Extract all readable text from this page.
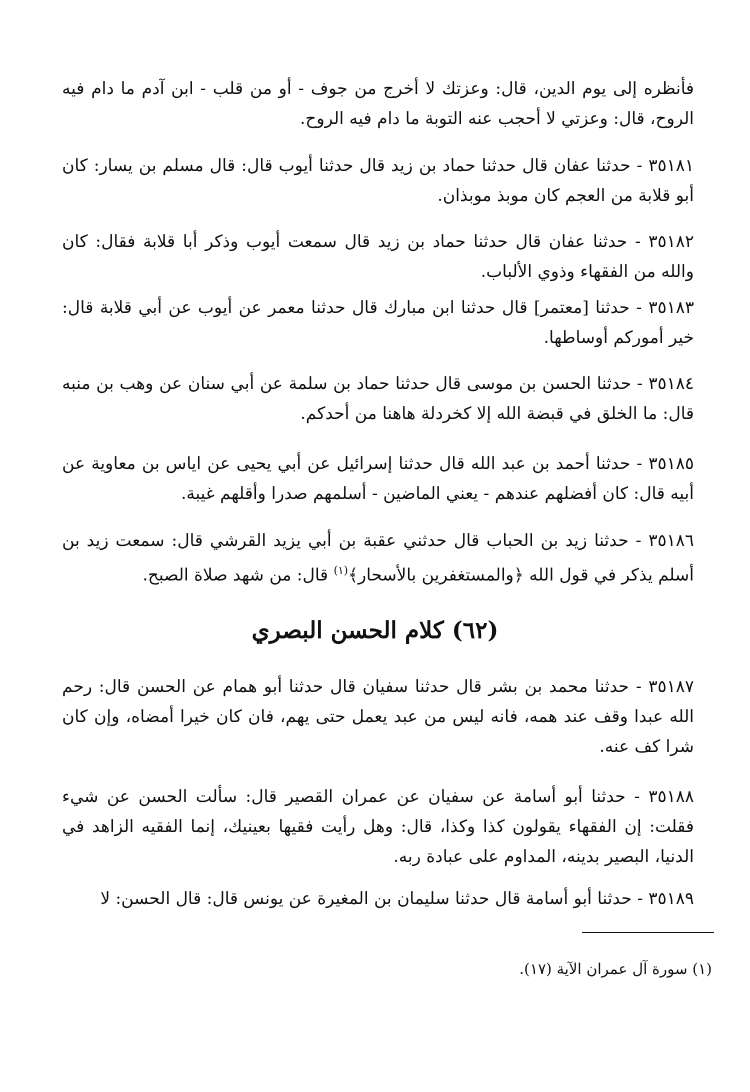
فأنظره إلى يوم الدين، قال: وعزتك لا أخرج من جوف - أو من قلب - ابن آدم ما دام فيه الروح، قال: وعزتي لا أحجب عنه التوبة ما دام فيه الروح.

٣٥١٨١ - حدثنا عفان قال حدثنا حماد بن زيد قال حدثنا أيوب قال: قال مسلم بن يسار: كان أبو قلابة من العجم كان موبذ موبذان.

٣٥١٨٢ - حدثنا عفان قال حدثنا حماد بن زيد قال سمعت أيوب وذكر أبا قلابة فقال: كان والله من الفقهاء وذوي الألباب.

٣٥١٨٣ - حدثنا [معتمر] قال حدثنا ابن مبارك قال حدثنا معمر عن أيوب عن أبي قلابة قال: خير أموركم أوساطها.

٣٥١٨٤ - حدثنا الحسن بن موسى قال حدثنا حماد بن سلمة عن أبي سنان عن وهب بن منبه قال: ما الخلق في قبضة الله إلا كخردلة هاهنا من أحدكم.

٣٥١٨٥ - حدثنا أحمد بن عبد الله قال حدثنا إسرائيل عن أبي يحيى عن اياس بن معاوية عن أبيه قال: كان أفضلهم عندهم - يعني الماضين - أسلمهم صدرا وأقلهم غيبة.

٣٥١٨٦ - حدثنا زيد بن الحباب قال حدثني عقبة بن أبي يزيد القرشي قال: سمعت زيد بن أسلم يذكر في قول الله ﴿والمستغفرين بالأسحار﴾$^{(١)}$ قال: من شهد صلاة الصبح.

(٦٢) كلام الحسن البصري

٣٥١٨٧ - حدثنا محمد بن بشر قال حدثنا سفيان قال حدثنا أبو همام عن الحسن قال: رحم الله عبدا وقف عند همه، فانه ليس من عبد يعمل حتى يهم، فان كان خيرا أمضاه، وإن كان شرا كف عنه.

٣٥١٨٨ - حدثنا أبو أسامة عن سفيان عن عمران القصير قال: سألت الحسن عن شيء فقلت: إن الفقهاء يقولون كذا وكذا، قال: وهل رأيت فقيها بعينيك، إنما الفقيه الزاهد في الدنيا، البصير بدينه، المداوم على عبادة ربه.

٣٥١٨٩ - حدثنا أبو أسامة قال حدثنا سليمان بن المغيرة عن يونس قال: قال الحسن: لا

(١) سورة آل عمران الآية (١٧).
